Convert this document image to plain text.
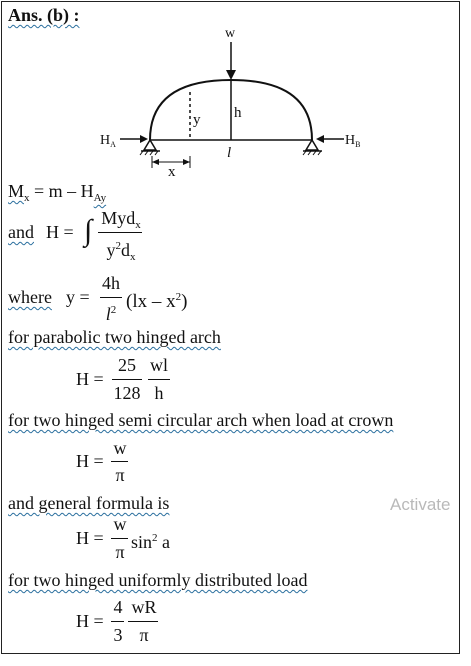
Ans. (b) :
w
h
y
l
$H_A$	$H_B$
x
$M_x = m - H_{Ay}$
and H = ∫ Myd$_x$
$y^2d_x$
where y =
4h
$l^2$ $(lx - x^2)$
for parabolic two hinged arch
H =
25
128
wl
h
for two hinged semi circular arch when load at crown
H =
w
π
and general formula is
H =
w
π $\sin^2 a$
for two hinged uniformly distributed load
H =
4
3
wR
π
Activate
